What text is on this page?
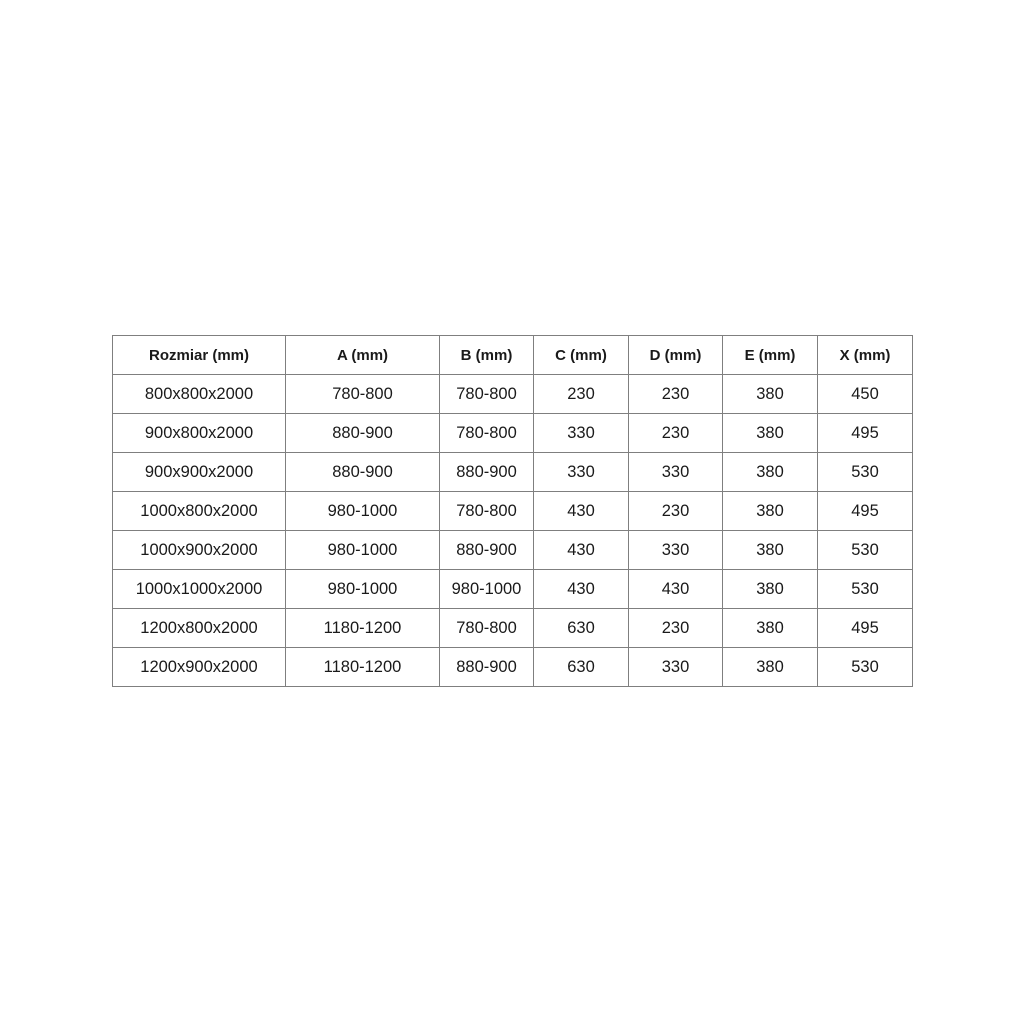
Rozmiar (mm)	A (mm)	B (mm)	C (mm)	D (mm)	E (mm)	X (mm)
800x800x2000	780-800	780-800	230	230	380	450
900x800x2000	880-900	780-800	330	230	380	495
900x900x2000	880-900	880-900	330	330	380	530
1000x800x2000	980-1000	780-800	430	230	380	495
1000x900x2000	980-1000	880-900	430	330	380	530
1000x1000x2000	980-1000	980-1000	430	430	380	530
1200x800x2000	1180-1200	780-800	630	230	380	495
1200x900x2000	1180-1200	880-900	630	330	380	530
